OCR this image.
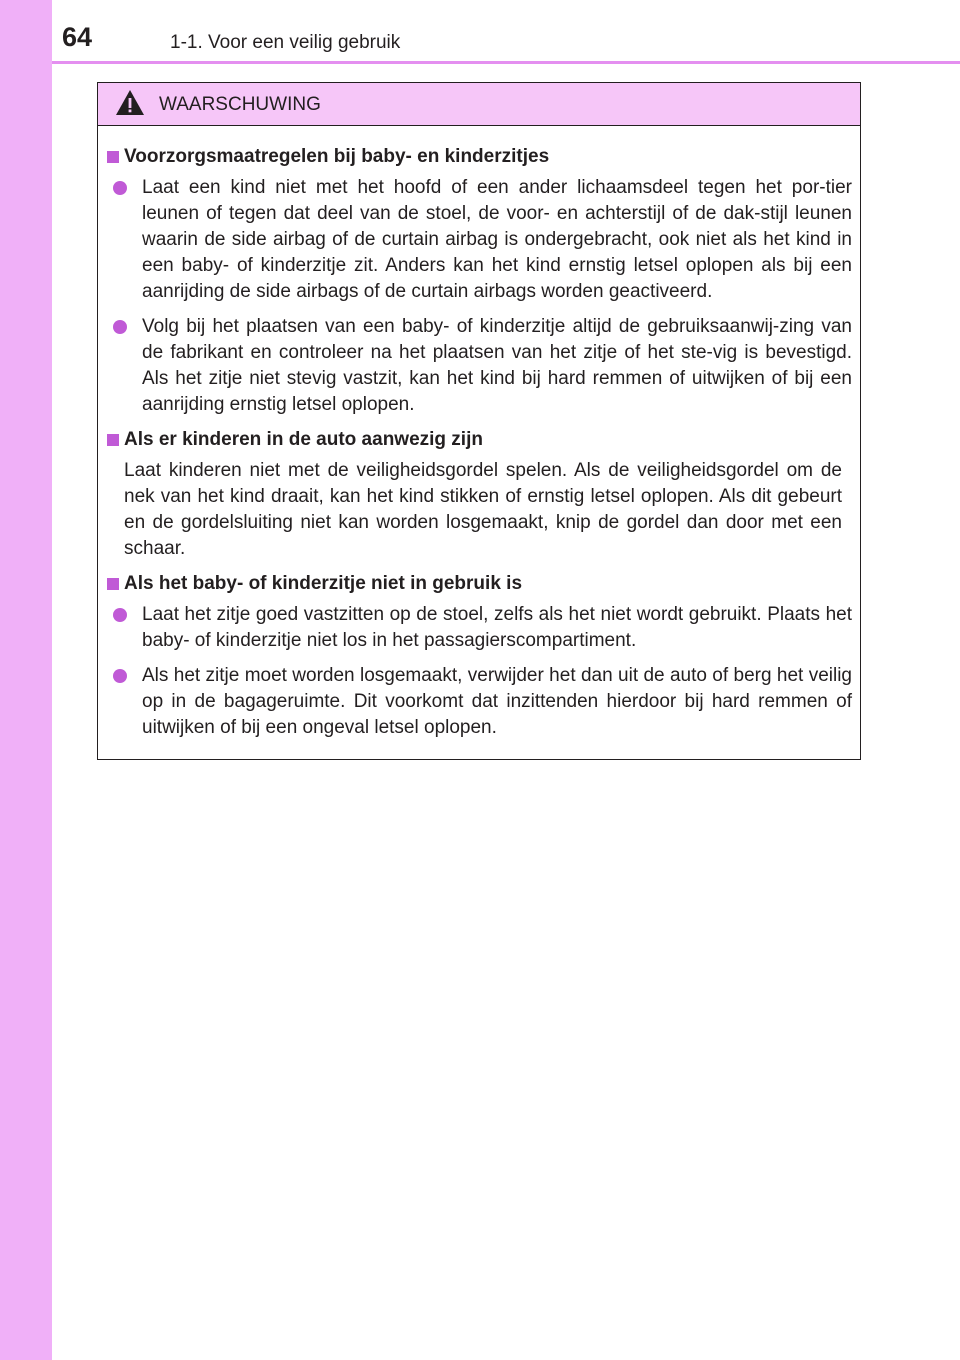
64	1-1. Voor een veilig gebruik
WAARSCHUWING
Voorzorgsmaatregelen bij baby- en kinderzitjes
Laat een kind niet met het hoofd of een ander lichaamsdeel tegen het por-tier leunen of tegen dat deel van de stoel, de voor- en achterstijl of de dak-stijl leunen waarin de side airbag of de curtain airbag is ondergebracht, ook niet als het kind in een baby- of kinderzitje zit. Anders kan het kind ernstig letsel oplopen als bij een aanrijding de side airbags of de curtain airbags worden geactiveerd.
Volg bij het plaatsen van een baby- of kinderzitje altijd de gebruiksaanwij-zing van de fabrikant en controleer na het plaatsen van het zitje of het ste-vig is bevestigd. Als het zitje niet stevig vastzit, kan het kind bij hard remmen of uitwijken of bij een aanrijding ernstig letsel oplopen.
Als er kinderen in de auto aanwezig zijn
Laat kinderen niet met de veiligheidsgordel spelen. Als de veiligheidsgordel om de nek van het kind draait, kan het kind stikken of ernstig letsel oplopen. Als dit gebeurt en de gordelsluiting niet kan worden losgemaakt, knip de gordel dan door met een schaar.
Als het baby- of kinderzitje niet in gebruik is
Laat het zitje goed vastzitten op de stoel, zelfs als het niet wordt gebruikt. Plaats het baby- of kinderzitje niet los in het passagierscompartiment.
Als het zitje moet worden losgemaakt, verwijder het dan uit de auto of berg het veilig op in de bagageruimte. Dit voorkomt dat inzittenden hierdoor bij hard remmen of uitwijken of bij een ongeval letsel oplopen.
